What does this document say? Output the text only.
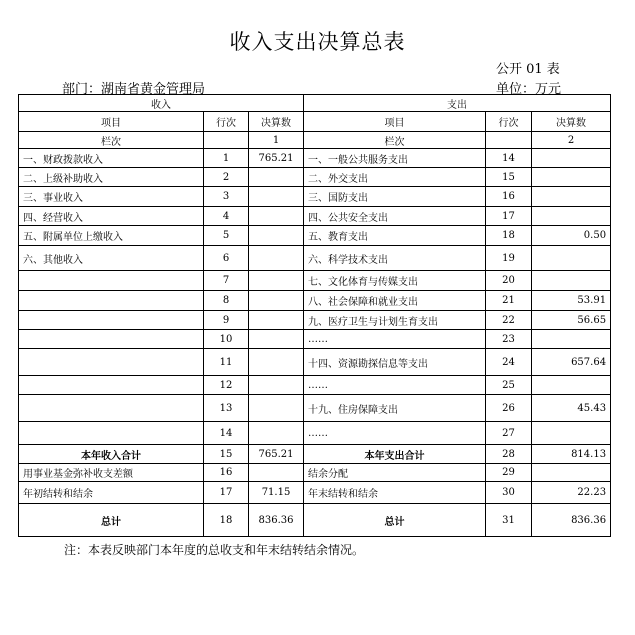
收入支出决算总表
公开 01 表
部门：湖南省黄金管理局	单位：万元
收入			支出		
项目	行次	决算数	项目	行次	决算数
栏次		1	栏次		2
一、财政拨款收入	1	765.21	一、一般公共服务支出	14	
二、上级补助收入	2		二、外交支出	15	
三、事业收入	3		三、国防支出	16	
四、经营收入	4		四、公共安全支出	17	
五、附属单位上缴收入	5		五、教育支出	18	0.50
六、其他收入	6		六、科学技术支出	19	
	7		七、文化体育与传媒支出	20	
	8		八、社会保障和就业支出	21	53.91
	9		九、医疗卫生与计划生育支出	22	56.65
	10		……	23	
	11		十四、资源勘探信息等支出	24	657.64
	12		……	25	
	13		十九、住房保障支出	26	45.43
	14		……	27	
本年收入合计	15	765.21	本年支出合计	28	814.13
用事业基金弥补收支差额	16		结余分配	29	
年初结转和结余	17	71.15	年末结转和结余	30	22.23
总计	18	836.36	总计	31	836.36
注：本表反映部门本年度的总收支和年末结转结余情况。
